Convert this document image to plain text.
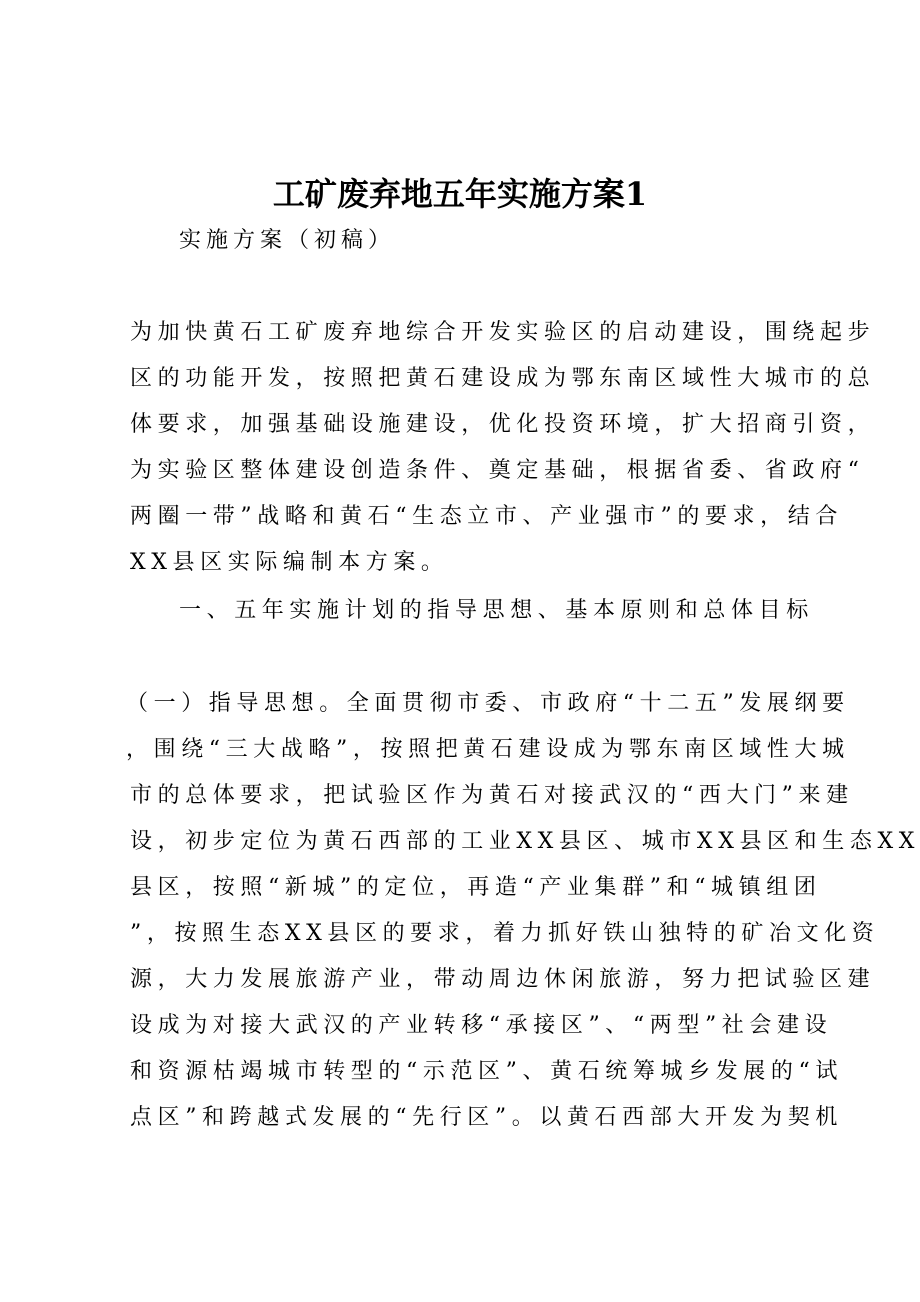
工矿废弃地五年实施方案1
实施方案（初稿）
为加快黄石工矿废弃地综合开发实验区的启动建设，围绕起步
区的功能开发，按照把黄石建设成为鄂东南区域性大城市的总
体要求，加强基础设施建设，优化投资环境，扩大招商引资，
为实验区整体建设创造条件、奠定基础，根据省委、省政府“
两圈一带”战略和黄石“生态立市、产业强市”的要求，结合
XX县区实际编制本方案。
一、五年实施计划的指导思想、基本原则和总体目标
（一）指导思想。全面贯彻市委、市政府“十二五”发展纲要
，围绕“三大战略”，按照把黄石建设成为鄂东南区域性大城
市的总体要求，把试验区作为黄石对接武汉的“西大门”来建
设，初步定位为黄石西部的工业XX县区、城市XX县区和生态XX
县区，按照“新城”的定位，再造“产业集群”和“城镇组团
”，按照生态XX县区的要求，着力抓好铁山独特的矿冶文化资
源，大力发展旅游产业，带动周边休闲旅游，努力把试验区建
设成为对接大武汉的产业转移“承接区”、“两型”社会建设
和资源枯竭城市转型的“示范区”、黄石统筹城乡发展的“试
点区”和跨越式发展的“先行区”。以黄石西部大开发为契机
